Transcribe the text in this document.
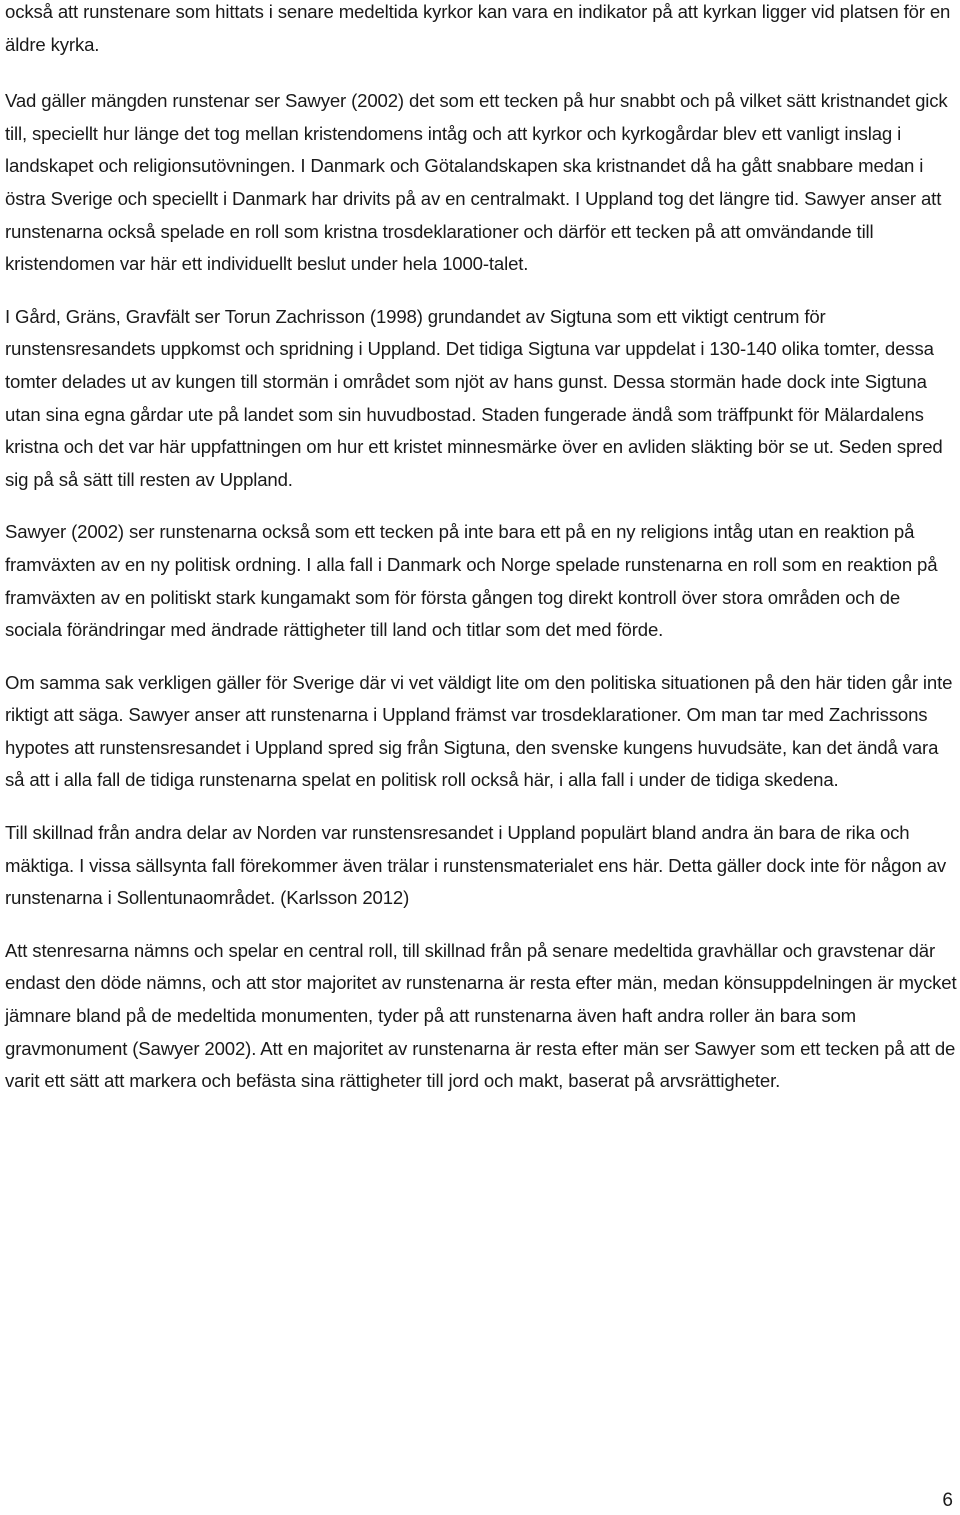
också att runstenare som hittats i senare medeltida kyrkor kan vara en indikator på att kyrkan ligger vid platsen för en äldre kyrka.

Vad gäller mängden runstenar ser Sawyer (2002) det som ett tecken på hur snabbt och på vilket sätt kristnandet gick till, speciellt hur länge det tog mellan kristendomens intåg och att kyrkor och kyrkogårdar blev ett vanligt inslag i landskapet och religionsutövningen. I Danmark och Götalandskapen ska kristnandet då ha gått snabbare medan i östra Sverige och speciellt i Danmark har drivits på av en centralmakt. I Uppland tog det längre tid. Sawyer anser att runstenarna också spelade en roll som kristna trosdeklarationer och därför ett tecken på att omvändande till kristendomen var här ett individuellt beslut under hela 1000-talet.

I Gård, Gräns, Gravfält ser Torun Zachrisson (1998) grundandet av Sigtuna som ett viktigt centrum för runstensresandets uppkomst och spridning i Uppland. Det tidiga Sigtuna var uppdelat i 130-140 olika tomter, dessa tomter delades ut av kungen till stormän i området som njöt av hans gunst. Dessa stormän hade dock inte Sigtuna utan sina egna gårdar ute på landet som sin huvudbostad. Staden fungerade ändå som träffpunkt för Mälardalens kristna och det var här uppfattningen om hur ett kristet minnesmärke över en avliden släkting bör se ut. Seden spred sig på så sätt till resten av Uppland.

Sawyer (2002) ser runstenarna också som ett tecken på inte bara ett på en ny religions intåg utan en reaktion på framväxten av en ny politisk ordning. I alla fall i Danmark och Norge spelade runstenarna en roll som en reaktion på framväxten av en politiskt stark kungamakt som för första gången tog direkt kontroll över stora områden och de sociala förändringar med ändrade rättigheter till land och titlar som det med förde.

Om samma sak verkligen gäller för Sverige där vi vet väldigt lite om den politiska situationen på den här tiden går inte riktigt att säga. Sawyer anser att runstenarna i Uppland främst var trosdeklarationer. Om man tar med Zachrissons hypotes att runstensresandet i Uppland spred sig från Sigtuna, den svenske kungens huvudsäte, kan det ändå vara så att i alla fall de tidiga runstenarna spelat en politisk roll också här, i alla fall i under de tidiga skedena.

Till skillnad från andra delar av Norden var runstensresandet i Uppland populärt bland andra än bara de rika och mäktiga. I vissa sällsynta fall förekommer även trälar i runstensmaterialet ens här. Detta gäller dock inte för någon av runstenarna i Sollentunaområdet. (Karlsson 2012)

Att stenresarna nämns och spelar en central roll, till skillnad från på senare medeltida gravhällar och gravstenar där endast den döde nämns, och att stor majoritet av runstenarna är resta efter män, medan könsuppdelningen är mycket jämnare bland på de medeltida monumenten, tyder på att runstenarna även haft andra roller än bara som gravmonument (Sawyer 2002). Att en majoritet av runstenarna är resta efter män ser Sawyer som ett tecken på att de varit ett sätt att markera och befästa sina rättigheter till jord och makt, baserat på arvsrättigheter.

6
